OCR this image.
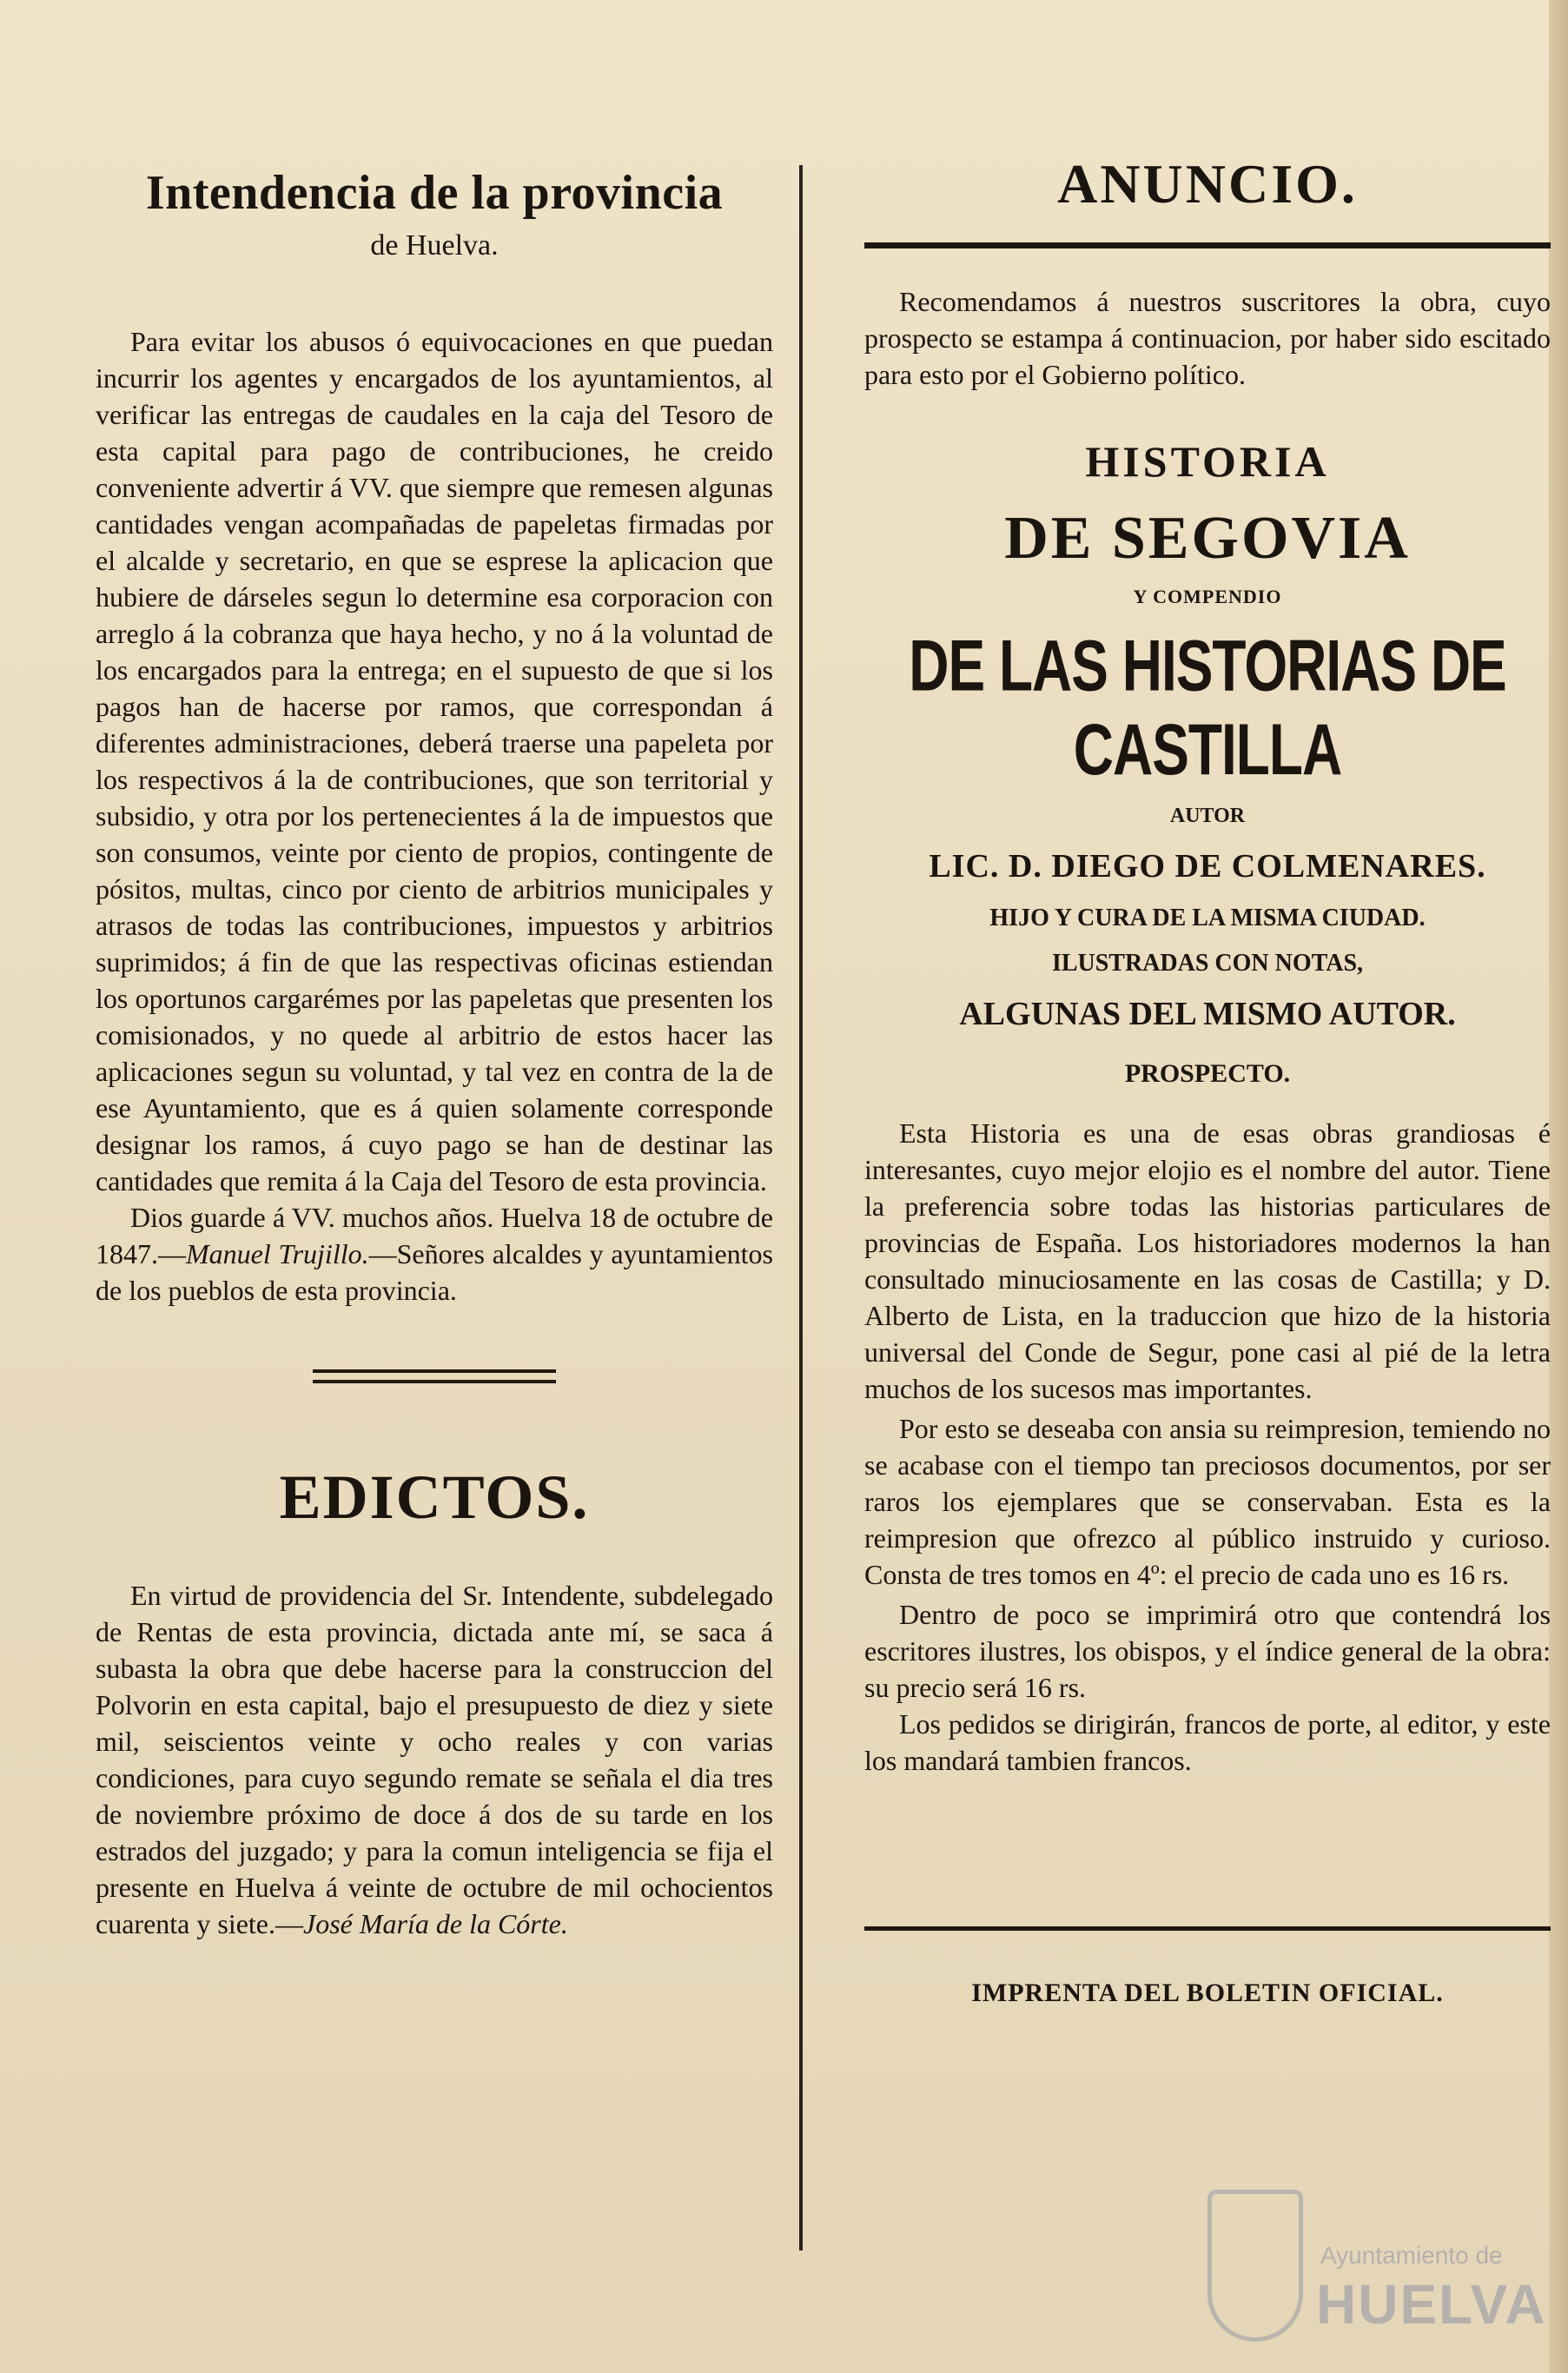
Intendencia de la provincia
de Huelva.

Para evitar los abusos ó equivocaciones en que puedan incurrir los agentes y encargados de los ayuntamientos, al verificar las entregas de caudales en la caja del Tesoro de esta capital para pago de contribuciones, he creido conveniente advertir á VV. que siempre que remesen algunas cantidades vengan acompañadas de papeletas firmadas por el alcalde y secretario, en que se esprese la aplicacion que hubiere de dárseles segun lo determine esa corporacion con arreglo á la cobranza que haya hecho, y no á la voluntad de los encargados para la entrega; en el supuesto de que si los pagos han de hacerse por ramos, que correspondan á diferentes administraciones, deberá traerse una papeleta por los respectivos á la de contribuciones, que son territorial y subsidio, y otra por los pertenecientes á la de impuestos que son consumos, veinte por ciento de propios, contingente de pósitos, multas, cinco por ciento de arbitrios municipales y atrasos de todas las contribuciones, impuestos y arbitrios suprimidos; á fin de que las respectivas oficinas estiendan los oportunos cargarémes por las papeletas que presenten los comisionados, y no quede al arbitrio de estos hacer las aplicaciones segun su voluntad, y tal vez en contra de la de ese Ayuntamiento, que es á quien solamente corresponde designar los ramos, á cuyo pago se han de destinar las cantidades que remita á la Caja del Tesoro de esta provincia.

Dios guarde á VV. muchos años. Huelva 18 de octubre de 1847.—Manuel Trujillo.—Señores alcaldes y ayuntamientos de los pueblos de esta provincia.

EDICTOS.

En virtud de providencia del Sr. Intendente, subdelegado de Rentas de esta provincia, dictada ante mí, se saca á subasta la obra que debe hacerse para la construccion del Polvorin en esta capital, bajo el presupuesto de diez y siete mil, seiscientos veinte y ocho reales y con varias condiciones, para cuyo segundo remate se señala el dia tres de noviembre próximo de doce á dos de su tarde en los estrados del juzgado; y para la comun inteligencia se fija el presente en Huelva á veinte de octubre de mil ochocientos cuarenta y siete.—José María de la Córte.

ANUNCIO.

Recomendamos á nuestros suscritores la obra, cuyo prospecto se estampa á continuacion, por haber sido escitado para esto por el Gobierno político.

HISTORIA
DE SEGOVIA
Y COMPENDIO
DE LAS HISTORIAS DE CASTILLA
AUTOR
LIC. D. DIEGO DE COLMENARES.
HIJO Y CURA DE LA MISMA CIUDAD.
ILUSTRADAS CON NOTAS,
ALGUNAS DEL MISMO AUTOR.
PROSPECTO.

Esta Historia es una de esas obras grandiosas é interesantes, cuyo mejor elojio es el nombre del autor. Tiene la preferencia sobre todas las historias particulares de provincias de España. Los historiadores modernos la han consultado minuciosamente en las cosas de Castilla; y D. Alberto de Lista, en la traduccion que hizo de la historia universal del Conde de Segur, pone casi al pié de la letra muchos de los sucesos mas importantes.

Por esto se deseaba con ansia su reimpresion, temiendo no se acabase con el tiempo tan preciosos documentos, por ser raros los ejemplares que se conservaban. Esta es la reimpresion que ofrezco al público instruido y curioso. Consta de tres tomos en 4º: el precio de cada uno es 16 rs.

Dentro de poco se imprimirá otro que contendrá los escritores ilustres, los obispos, y el índice general de la obra: su precio será 16 rs.

Los pedidos se dirigirán, francos de porte, al editor, y este los mandará tambien francos.

IMPRENTA DEL BOLETIN OFICIAL.
Ayuntamiento de
HUELVA
